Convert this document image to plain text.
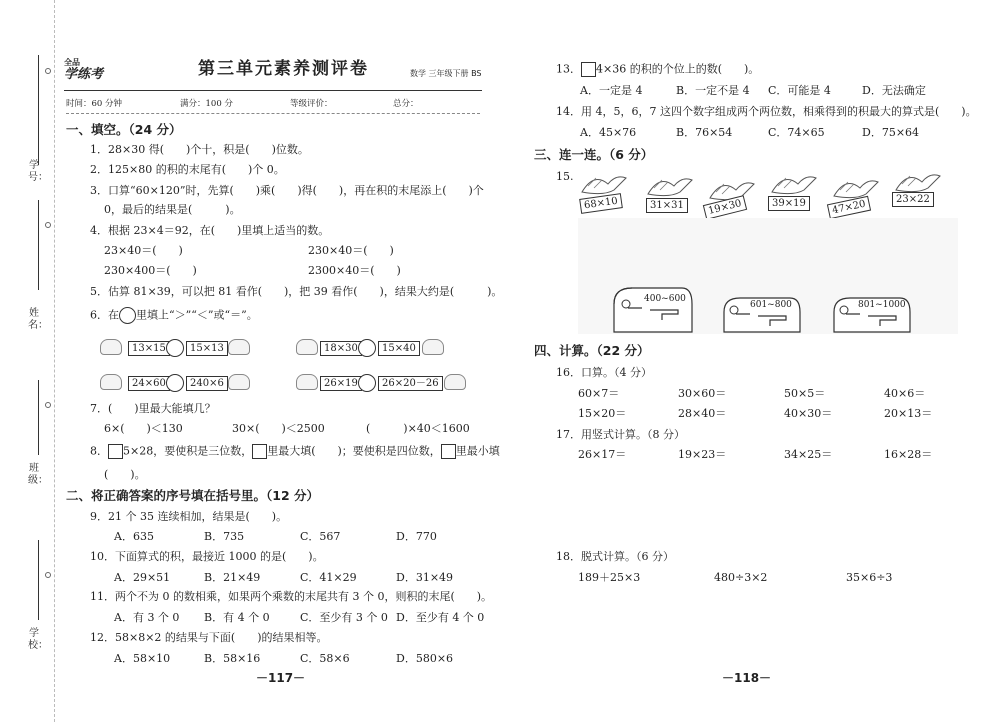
学号：
姓名：
班级：
学校：
全品
学练考	第三单元素养测评卷	数学 三年级下册 BS
时间：60 分钟	满分：100 分	等级评价：	总分：
一、填空。（24 分）
1．28×30 得(　　)个十，积是(　　)位数。
2．125×80 的积的末尾有(　　)个 0。
3．口算“60×120”时，先算(　　)乘(　　)得(　　)，再在积的末尾添上(　　)个
0，最后的结果是(　　　)。
4．根据 23×4＝92，在(　　)里填上适当的数。
23×40＝(　　)	230×40＝(　　)
230×400＝(　　)	2300×40＝(　　)
5．估算 81×39，可以把 81 看作(　　)，把 39 看作(　　)，结果大约是(　　　)。
6．在 里填上“＞”“＜”或“＝”。
13×15	15×13	18×30	15×40
24×60	240×6	26×19	26×20－26
7．(　　)里最大能填几？
6×(　　)＜130	30×(　　)＜2500	(　　　)×40＜1600
8． 5×28，要使积是三位数， 里最大填(　　)；要使积是四位数， 里最小填
(　　)。
二、将正确答案的序号填在括号里。（12 分）
9．21 个 35 连续相加，结果是(　　)。
A．635	B．735	C．567	D．770
10．下面算式的积，最接近 1000 的是(　　)。
A．29×51	B．21×49	C．41×29	D．31×49
11．两个不为 0 的数相乘，如果两个乘数的末尾共有 3 个 0，则积的末尾(　　)。
A．有 3 个 0 B．有 4 个 0	C．至少有 3 个 0 D．至少有 4 个 0
12．58×8×2 的结果与下面(　　)的结果相等。
A．58×10	B．58×16	C．58×6	D．580×6
－117－
13． 4×36 的积的个位上的数(　　)。
A．一定是 4	B．一定不是 4 C．可能是 4	D．无法确定
14．用 4，5，6，7 这四个数字组成两个两位数，相乘得到的积最大的算式是(　　)。
A．45×76	B．76×54	C．74×65	D．75×64
三、连一连。（6 分）
15.
68×10	31×31	19×30	39×19	47×20	23×22
400~600
601~800	801~1000
四、计算。（22 分）
16．口算。（4 分）
60×7＝	30×60＝	50×5＝	40×6＝
15×20＝	28×40＝	40×30＝	20×13＝
17．用竖式计算。（8 分）
26×17＝	19×23＝	34×25＝	16×28＝
18．脱式计算。（6 分）
189＋25×3	480÷3×2	35×6÷3
－118－
